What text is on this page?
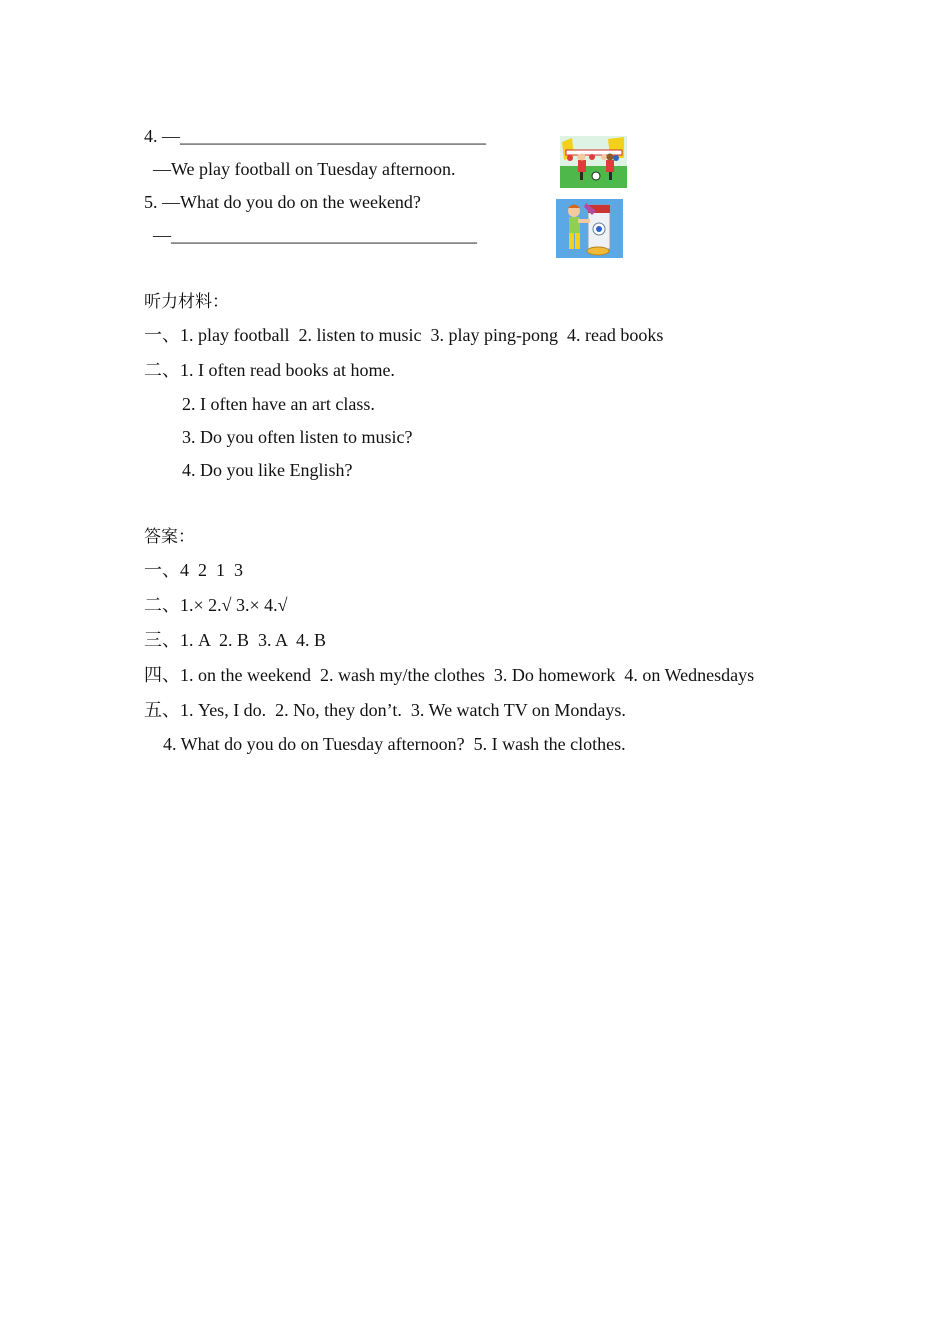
4. —__________________________________
—We play football on Tuesday afternoon.
5. —What do you do on the weekend?
—__________________________________
听力材料：
一、1. play football  2. listen to music  3. play ping-pong  4. read books
二、1. I often read books at home.
2. I often have an art class.
3. Do you often listen to music?
4. Do you like English?
答案：
一、4  2  1  3
二、1.× 2.√ 3.× 4.√
三、1. A  2. B  3. A  4. B
四、1. on the weekend  2. wash my/the clothes  3. Do homework  4. on Wednesdays
五、1. Yes, I do.  2. No, they don’t.  3. We watch TV on Mondays.
4. What do you do on Tuesday afternoon?  5. I wash the clothes.
